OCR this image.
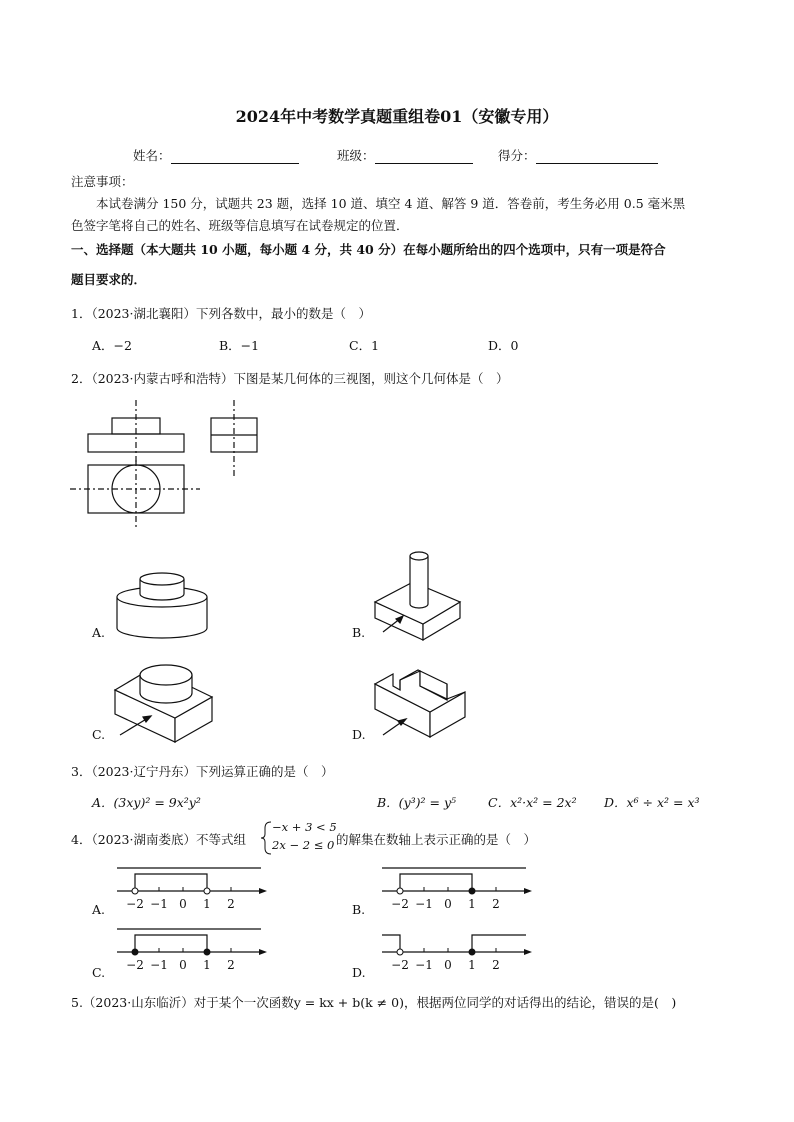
2024年中考数学真题重组卷01（安徽专用）
姓名：	班级：	得分：
注意事项：
本试卷满分 150 分，试题共 23 题，选择 10 道、填空 4 道、解答 9 道．答卷前，考生务必用 0.5 毫米黑
色签字笔将自己的姓名、班级等信息填写在试卷规定的位置．
一、选择题（本大题共 10 小题，每小题 4 分，共 40 分）在每小题所给出的四个选项中，只有一项是符合
题目要求的．
1．（2023·湖北襄阳）下列各数中，最小的数是（　）
A．−2	B．−1	C．1	D．0
2．（2023·内蒙古呼和浩特）下图是某几何体的三视图，则这个几何体是（　）
A.	B.
C.	D.
3．（2023·辽宁丹东）下列运算正确的是（　）
A．(3xy)² = 9x²y²	B．(y³)² = y⁵	C．x²·x² = 2x² D．x⁶ ÷ x² = x³
4．（2023·湖南娄底）不等式组
−x + 3 < 5
2x − 2 ≤ 0 的解集在数轴上表示正确的是（　）
A.	B.
C.	D.
−2 −1 0 1 2	−2 −1 0 1 2
−2 −1 0 1 2	−2 −1 0 1 2
5.（2023·山东临沂）对于某个一次函数y = kx + b(k ≠ 0)，根据两位同学的对话得出的结论，错误的是(　)
